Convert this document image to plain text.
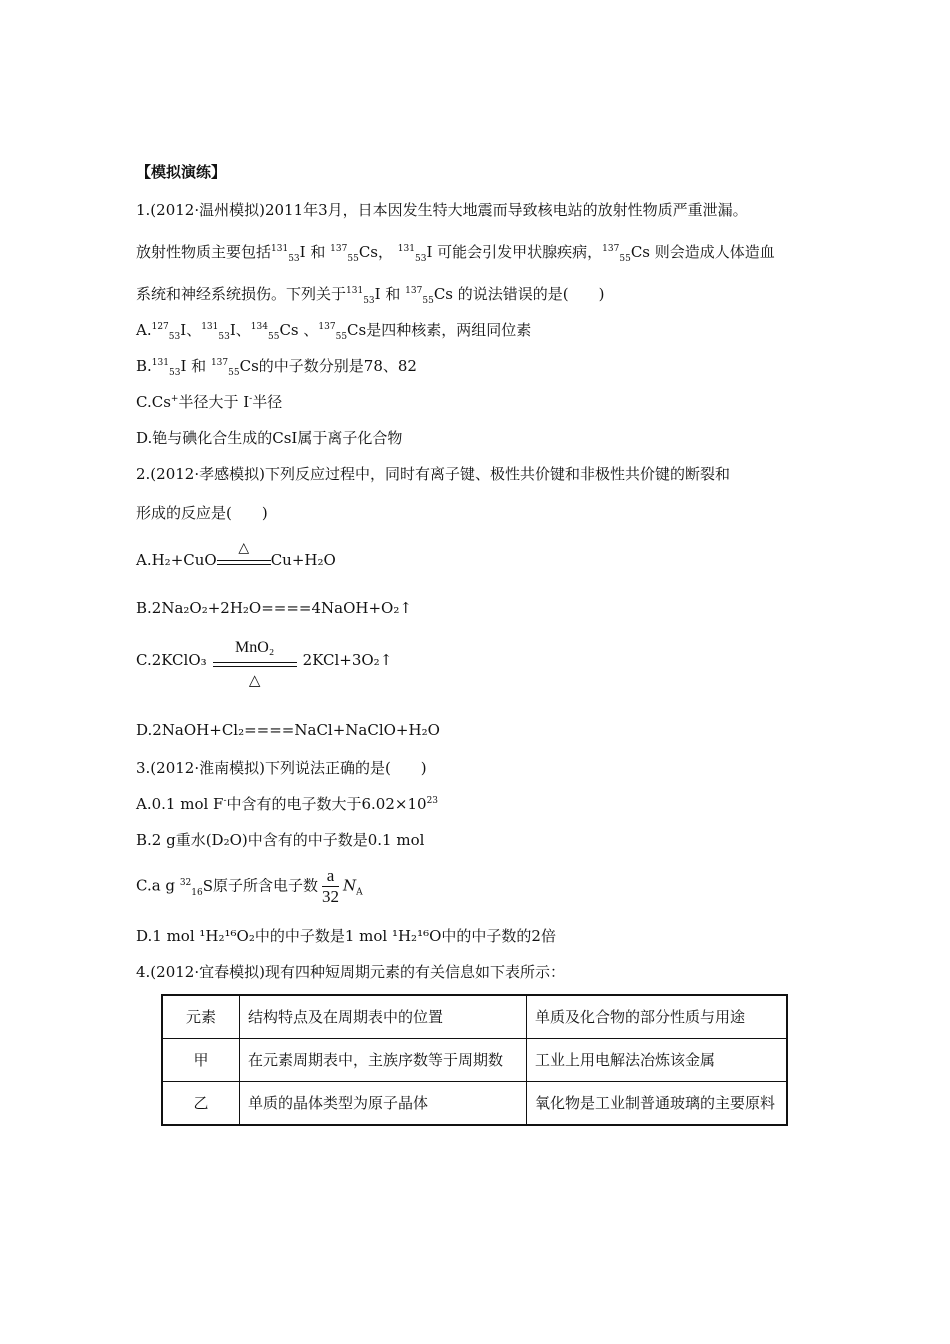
【模拟演练】
1.(2012·温州模拟)2011年3月，日本因发生特大地震而导致核电站的放射性物质严重泄漏。
放射性物质主要包括$^{131}_{53}$I 和 $^{137}_{55}$Cs， $^{131}_{53}$I 可能会引发甲状腺疾病，$^{137}_{55}$Cs 则会造成人体造血
系统和神经系统损伤。下列关于$^{131}_{53}$I 和 $^{137}_{55}$Cs 的说法错误的是(　　)
A.$^{127}_{53}$I、$^{131}_{53}$I、$^{134}_{55}$Cs 、$^{137}_{55}$Cs是四种核素，两组同位素
B.$^{131}_{53}$I 和 $^{137}_{55}$Cs的中子数分别是78、82
C.Cs+半径大于 I-半径
D.铯与碘化合生成的CsI属于离子化合物
2.(2012·孝感模拟)下列反应过程中，同时有离子键、极性共价键和非极性共价键的断裂和
形成的反应是(　　)
A.H₂+CuO
△
Cu+H₂O
B.2Na₂O₂+2H₂O====4NaOH+O₂↑
C.2KClO₃
MnO₂
△
2KCl+3O₂↑
D.2NaOH+Cl₂====NaCl+NaClO+H₂O
3.(2012·淮南模拟)下列说法正确的是(　　)
A.0.1 mol F-中含有的电子数大于$6.02\times 10^{23}$
B.2 g重水(D₂O)中含有的中子数是0.1 mol
C.a g $^{32}_{16}$S原子所含电子数 $\frac{a}{32} N_A$
D.1 mol ¹H₂¹⁶O₂中的中子数是1 mol ¹H₂¹⁶O中的中子数的2倍
4.(2012·宜春模拟)现有四种短周期元素的有关信息如下表所示：
元素	结构特点及在周期表中的位置	单质及化合物的部分性质与用途
甲	在元素周期表中，主族序数等于周期数	工业上用电解法冶炼该金属
乙	单质的晶体类型为原子晶体	氧化物是工业制普通玻璃的主要原料
